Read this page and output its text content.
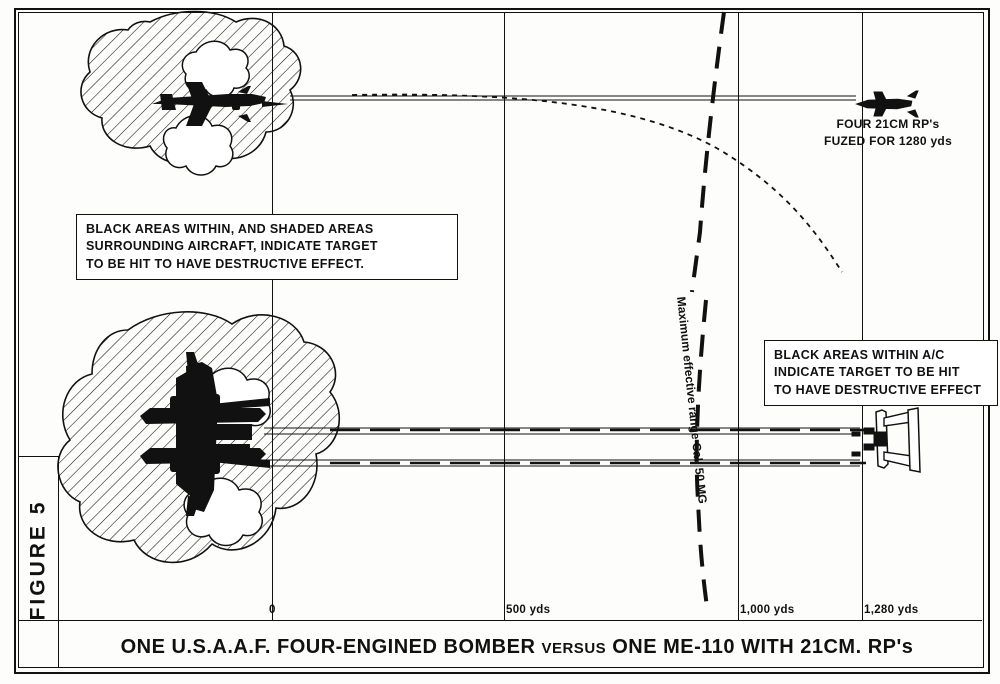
BLACK AREAS WITHIN, AND SHADED AREAS

SURROUNDING AIRCRAFT, INDICATE TARGET

TO BE HIT TO HAVE DESTRUCTIVE EFFECT.

BLACK AREAS WITHIN A/C

INDICATE TARGET TO BE HIT

TO HAVE DESTRUCTIVE EFFECT

FOUR 21CM RP's
FUZED FOR 1280 yds
Maximum effective range Cal. 50 MG
0	500 yds	1,000 yds	1,280 yds
FIGURE 5
ONE U.S.A.A.F. FOUR-ENGINED BOMBER VERSUS ONE ME-110 WITH 21CM. RP's
